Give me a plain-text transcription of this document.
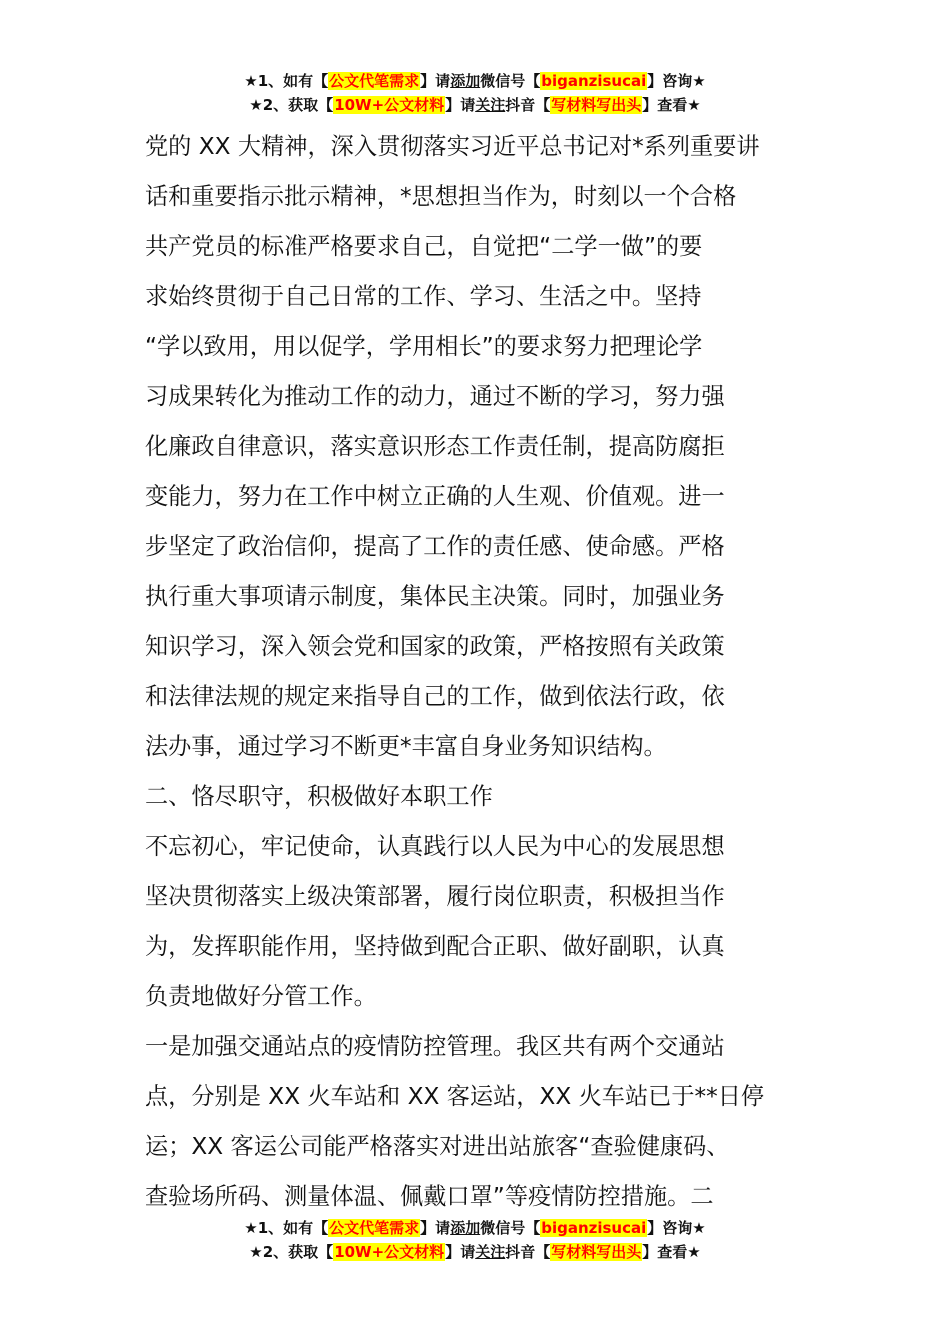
★1、如有【公文代笔需求】请添加微信号【biganzisucai】咨询★
★2、获取【10W+公文材料】请关注抖音【写材料写出头】查看★
党的 XX 大精神，深入贯彻落实习近平总书记对*系列重要讲
话和重要指示批示精神，*思想担当作为，时刻以一个合格
共产党员的标准严格要求自己，自觉把“二学一做”的要
求始终贯彻于自己日常的工作、学习、生活之中。坚持
“学以致用，用以促学，学用相长”的要求努力把理论学
习成果转化为推动工作的动力，通过不断的学习，努力强
化廉政自律意识，落实意识形态工作责任制，提高防腐拒
变能力，努力在工作中树立正确的人生观、价值观。进一
步坚定了政治信仰，提高了工作的责任感、使命感。严格
执行重大事项请示制度，集体民主决策。同时，加强业务
知识学习，深入领会党和国家的政策，严格按照有关政策
和法律法规的规定来指导自己的工作，做到依法行政，依
法办事，通过学习不断更*丰富自身业务知识结构。
二、恪尽职守，积极做好本职工作
不忘初心，牢记使命，认真践行以人民为中心的发展思想
坚决贯彻落实上级决策部署，履行岗位职责，积极担当作
为，发挥职能作用，坚持做到配合正职、做好副职，认真
负责地做好分管工作。
一是加强交通站点的疫情防控管理。我区共有两个交通站
点，分别是 XX 火车站和 XX 客运站，XX 火车站已于**日停
运；XX 客运公司能严格落实对进出站旅客“查验健康码、
查验场所码、测量体温、佩戴口罩”等疫情防控措施。二
★1、如有【公文代笔需求】请添加微信号【biganzisucai】咨询★
★2、获取【10W+公文材料】请关注抖音【写材料写出头】查看★
